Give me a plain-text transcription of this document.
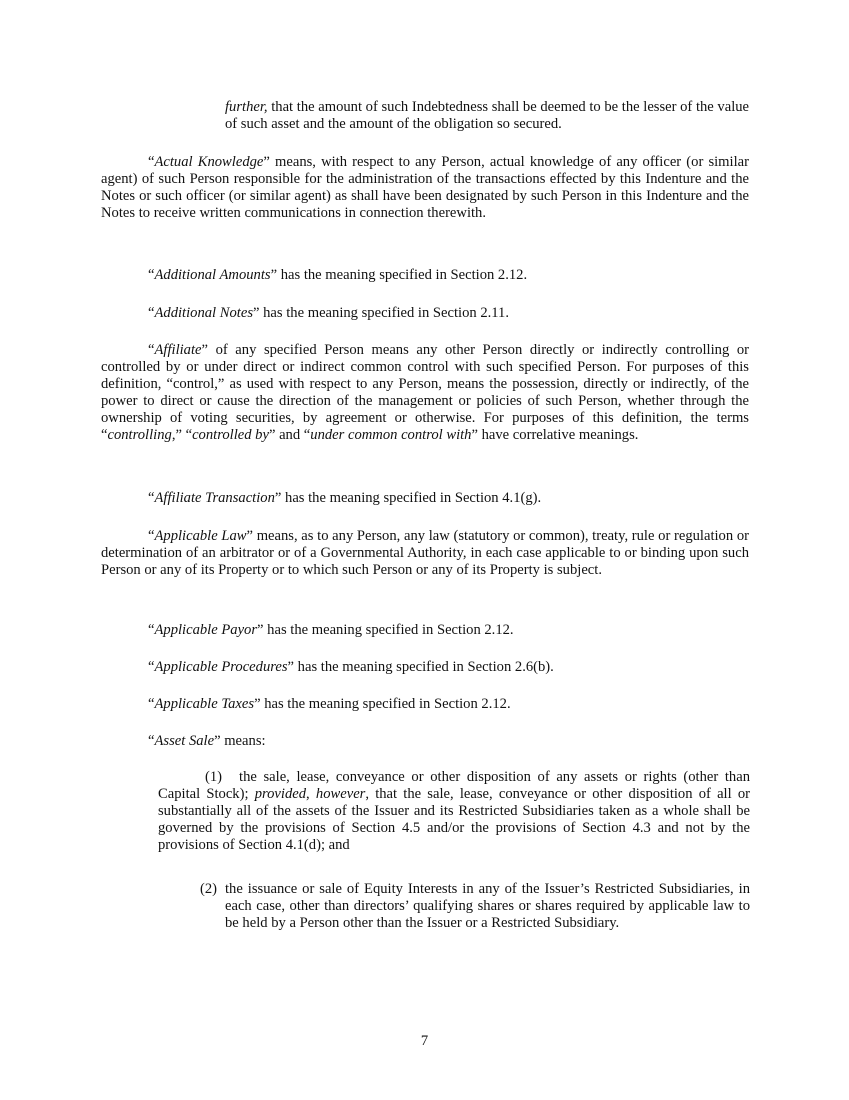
further, that the amount of such Indebtedness shall be deemed to be the lesser of the value of such asset and the amount of the obligation so secured.

“Actual Knowledge” means, with respect to any Person, actual knowledge of any officer (or similar agent) of such Person responsible for the administration of the transactions effected by this Indenture and the Notes or such officer (or similar agent) as shall have been designated by such Person in this Indenture and the Notes to receive written communications in connection therewith.

“Additional Amounts” has the meaning specified in Section 2.12.

“Additional Notes” has the meaning specified in Section 2.11.

“Affiliate” of any specified Person means any other Person directly or indirectly controlling or controlled by or under direct or indirect common control with such specified Person. For purposes of this definition, “control,” as used with respect to any Person, means the possession, directly or indirectly, of the power to direct or cause the direction of the management or policies of such Person, whether through the ownership of voting securities, by agreement or otherwise. For purposes of this definition, the terms “controlling,” “controlled by” and “under common control with” have correlative meanings.

“Affiliate Transaction” has the meaning specified in Section 4.1(g).

“Applicable Law” means, as to any Person, any law (statutory or common), treaty, rule or regulation or determination of an arbitrator or of a Governmental Authority, in each case applicable to or binding upon such Person or any of its Property or to which such Person or any of its Property is subject.

“Applicable Payor” has the meaning specified in Section 2.12.

“Applicable Procedures” has the meaning specified in Section 2.6(b).

“Applicable Taxes” has the meaning specified in Section 2.12.

“Asset Sale” means:

(1) the sale, lease, conveyance or other disposition of any assets or rights (other than Capital Stock); provided, however, that the sale, lease, conveyance or other disposition of all or substantially all of the assets of the Issuer and its Restricted Subsidiaries taken as a whole shall be governed by the provisions of Section 4.5 and/or the provisions of Section 4.3 and not by the provisions of Section 4.1(d); and

(2) the issuance or sale of Equity Interests in any of the Issuer’s Restricted Subsidiaries, in each case, other than directors’ qualifying shares or shares required by applicable law to be held by a Person other than the Issuer or a Restricted Subsidiary.

7
